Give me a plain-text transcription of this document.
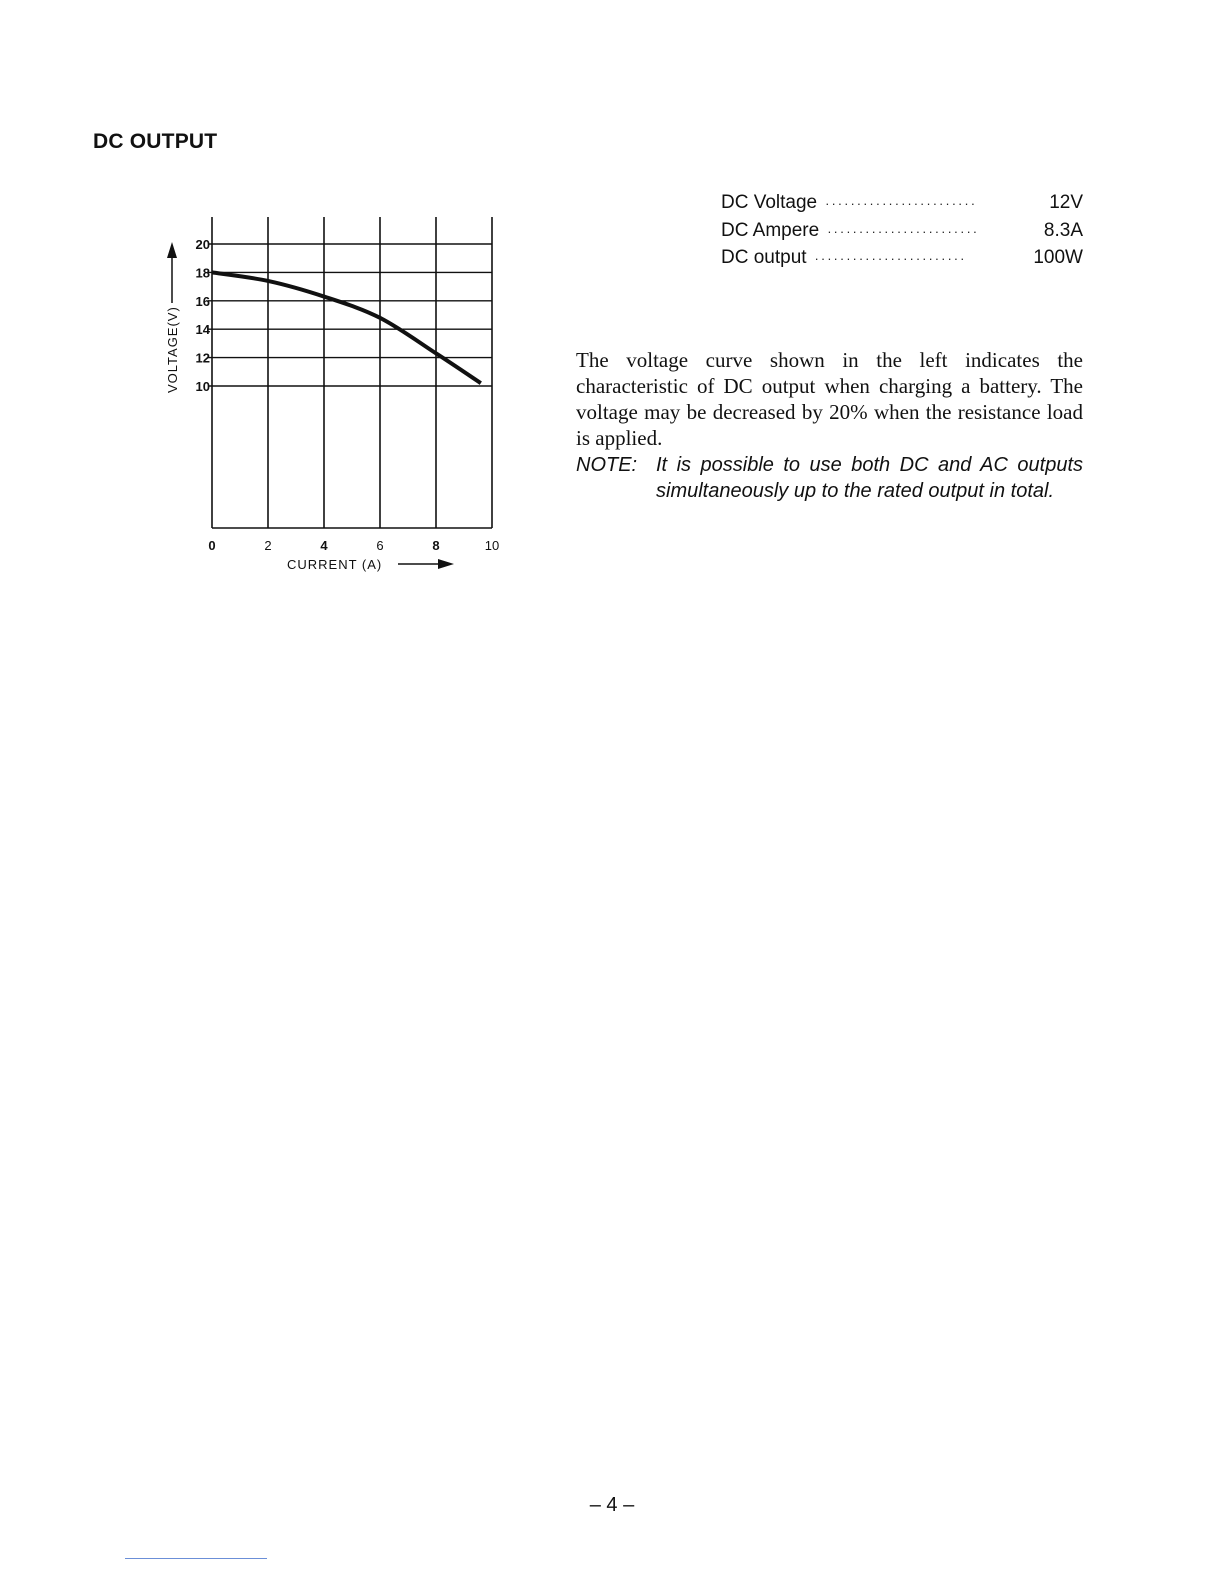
DC OUTPUT
0	2	4	6	8	10
10
12
14
16
18
20
CURRENT (A)
VOLTAGE(V)
DC Voltage ························	12V
DC Ampere ························	8.3A
DC output ························	100W

The voltage curve shown in the left indicates the characteristic of DC output when charging a battery. The voltage may be decreased by 20% when the resistance load is applied.

NOTE: It is possible to use both DC and AC outputs simultaneously up to the rated output in total.
– 4 –
